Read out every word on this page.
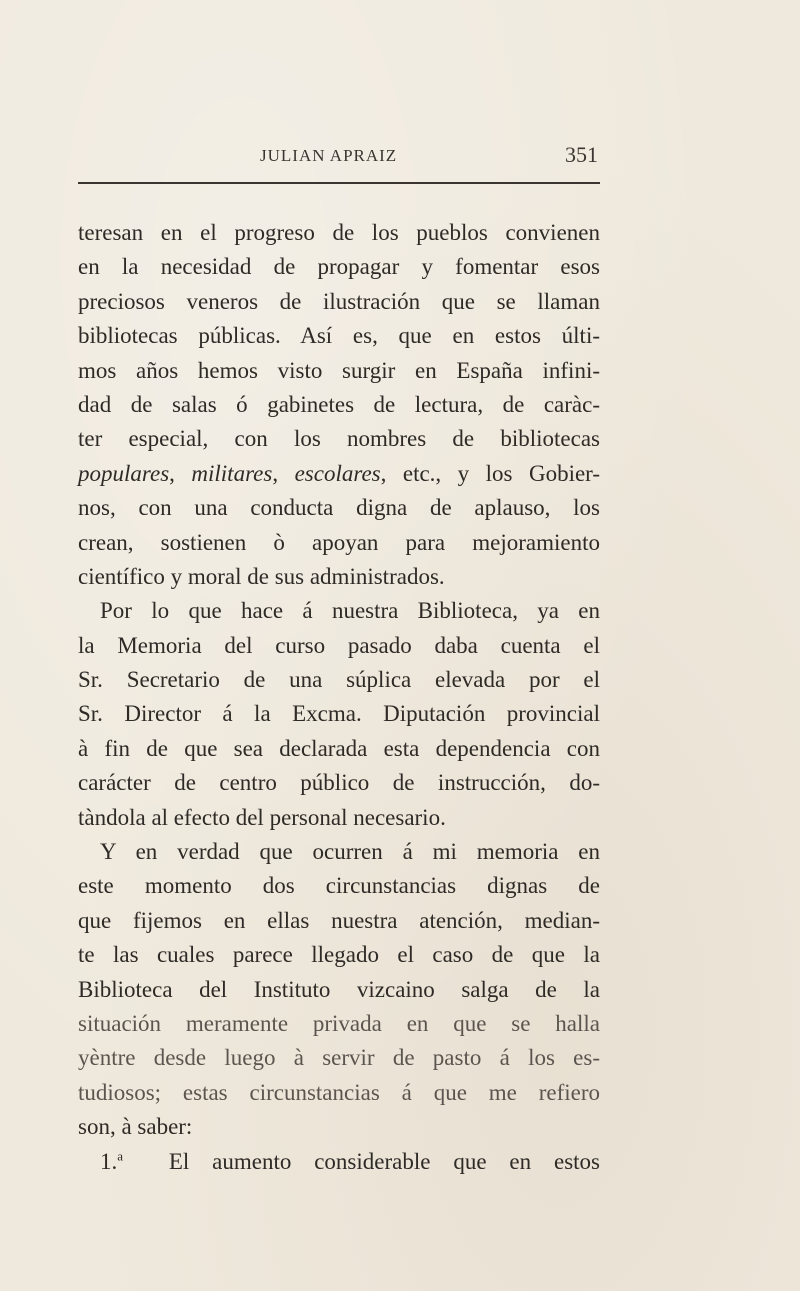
JULIAN APRAIZ	351
teresan en el progreso de los pueblos convienen
en la necesidad de propagar y fomentar esos
preciosos veneros de ilustración que se llaman
bibliotecas públicas. Así es, que en estos últi-
mos años hemos visto surgir en España infini-
dad de salas ó gabinetes de lectura, de caràc-
ter especial, con los nombres de bibliotecas
populares, militares, escolares, etc., y los Gobier-
nos, con una conducta digna de aplauso, los
crean, sostienen ò apoyan para mejoramiento
científico y moral de sus administrados.
Por lo que hace á nuestra Biblioteca, ya en
la Memoria del curso pasado daba cuenta el
Sr. Secretario de una súplica elevada por el
Sr. Director á la Excma. Diputación provincial
à fin de que sea declarada esta dependencia con
carácter de centro público de instrucción, do-
tàndola al efecto del personal necesario.
Y en verdad que ocurren á mi memoria en
este momento dos circunstancias dignas de
que fijemos en ellas nuestra atención, median-
te las cuales parece llegado el caso de que la
Biblioteca del Instituto vizcaino salga de la
situación meramente privada en que se halla
yèntre desde luego à servir de pasto á los es-
tudiosos; estas circunstancias á que me refiero
son, à saber:
1.$^a$ El aumento considerable que en estos
